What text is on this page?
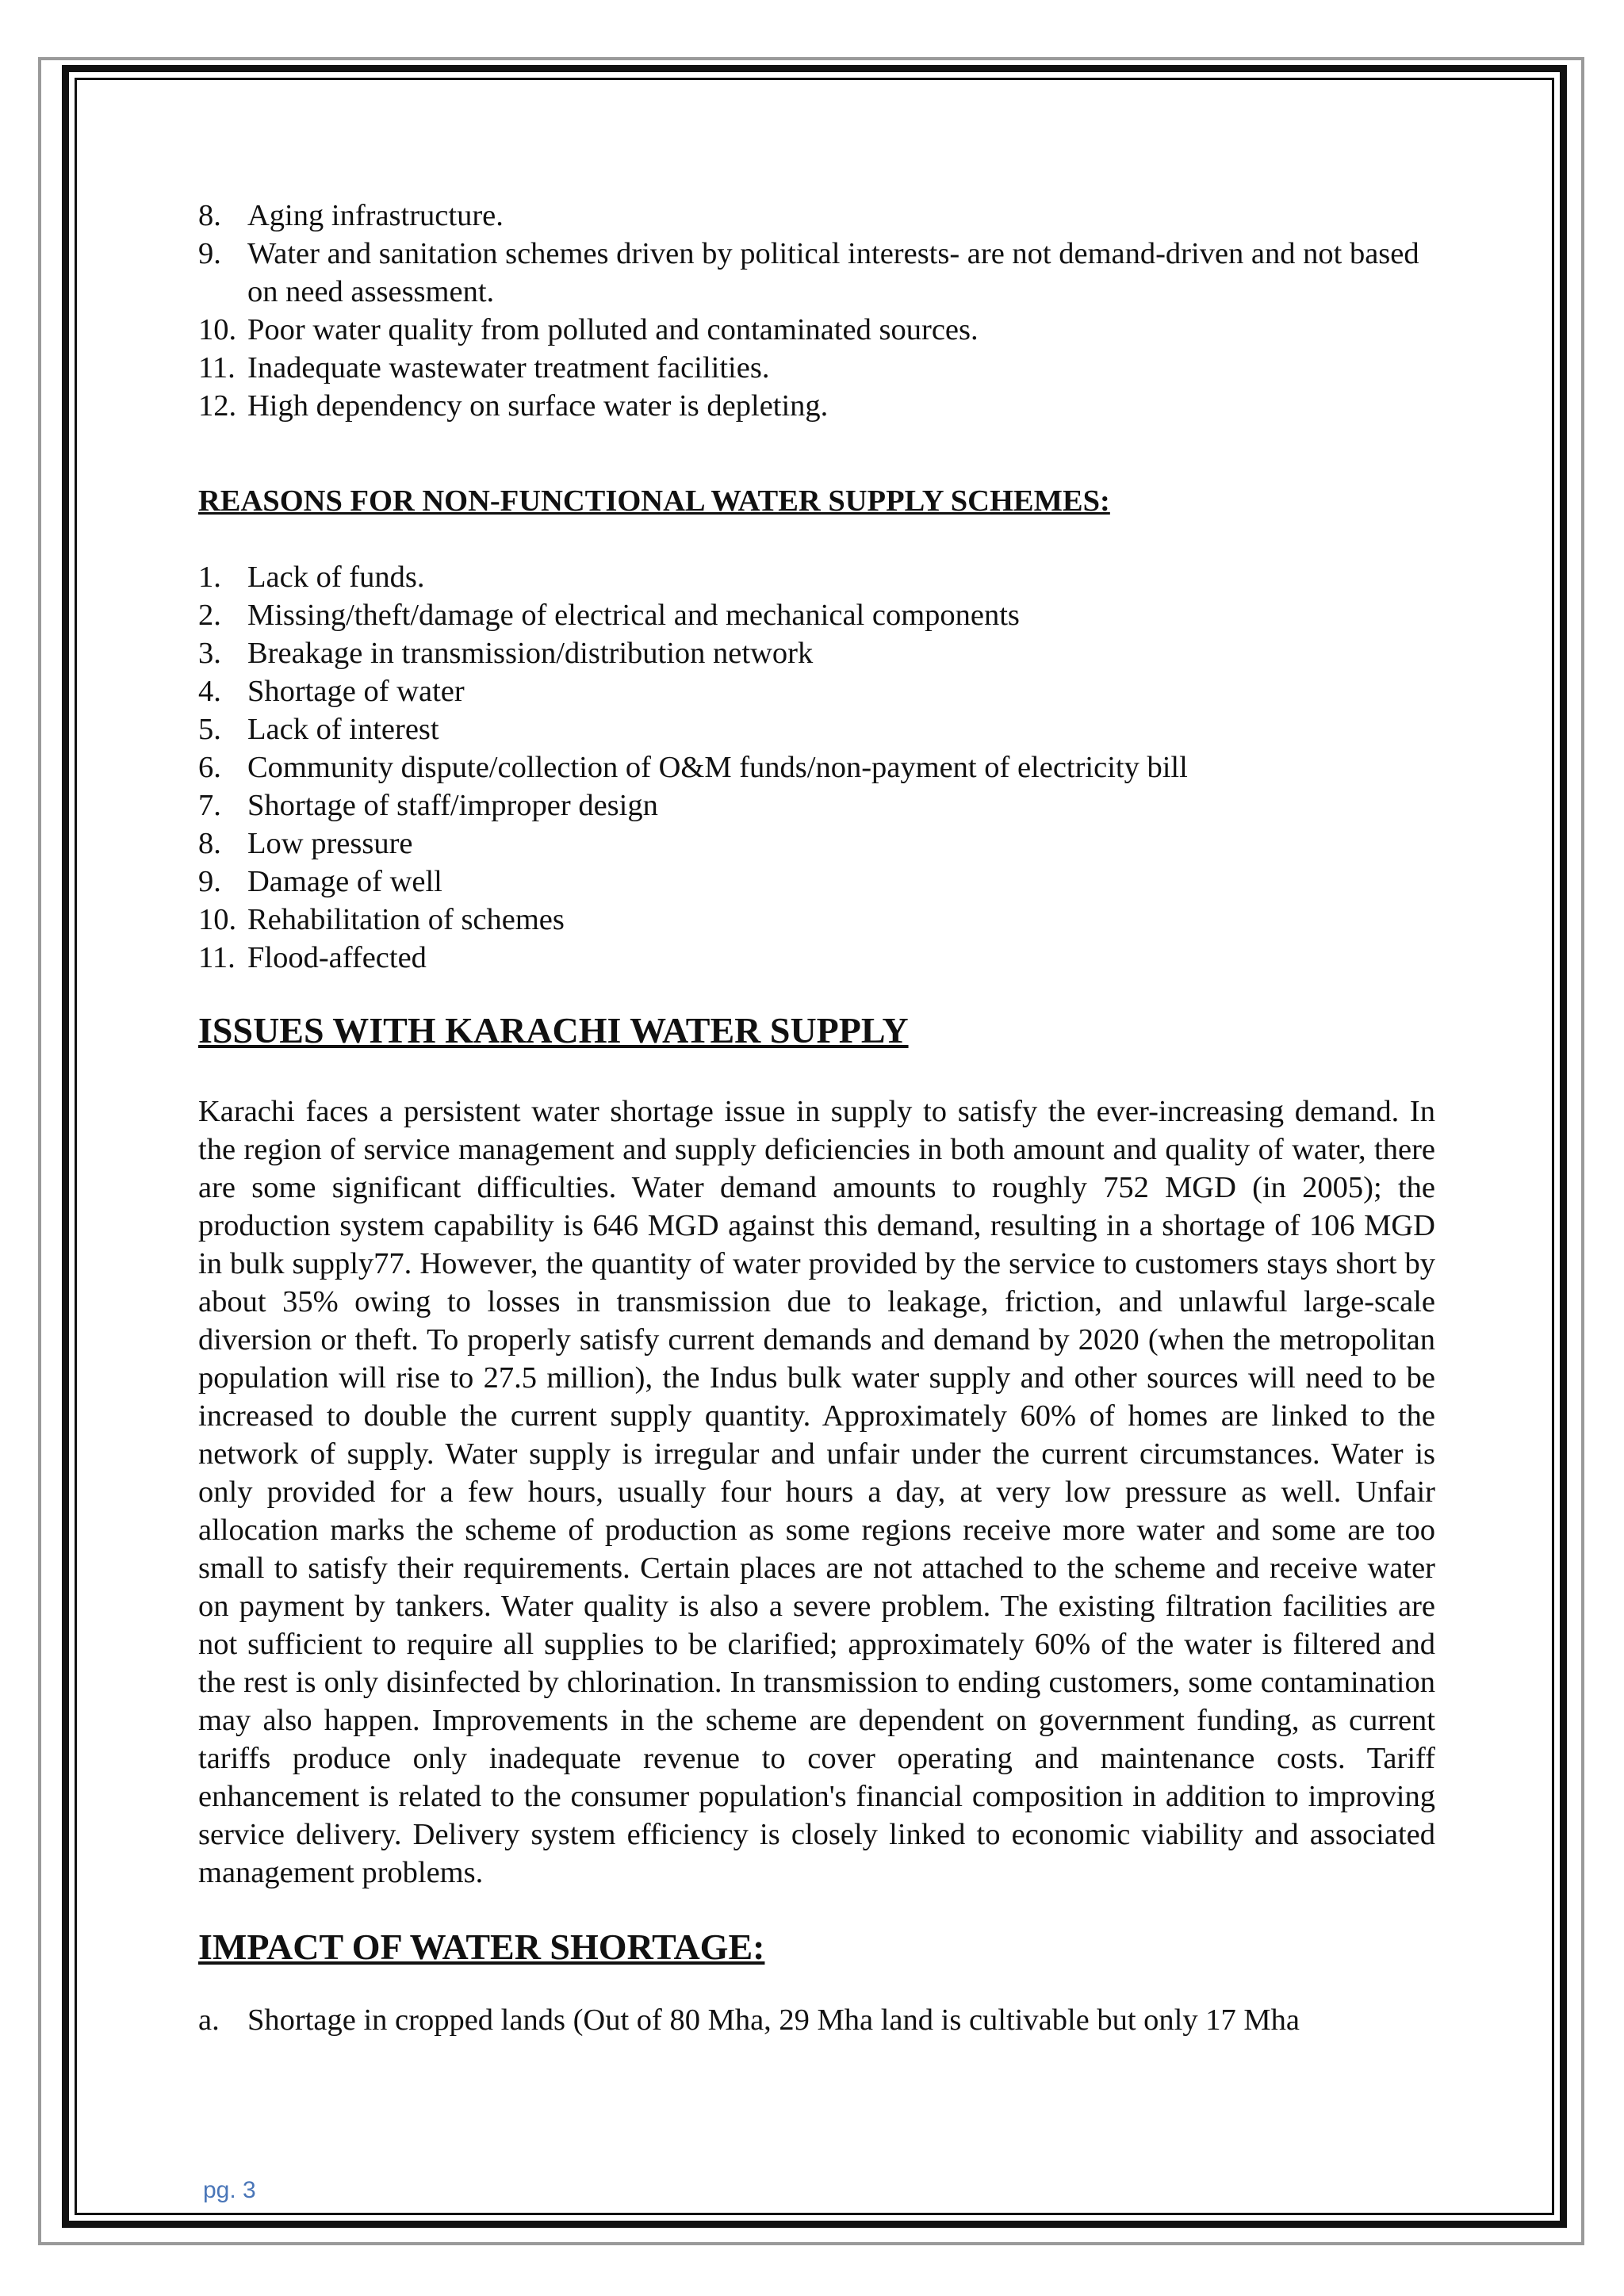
8. Aging infrastructure.
9. Water and sanitation schemes driven by political interests- are not demand-driven and not based on need assessment.
10. Poor water quality from polluted and contaminated sources.
11. Inadequate wastewater treatment facilities.
12. High dependency on surface water is depleting.

REASONS FOR NON-FUNCTIONAL WATER SUPPLY SCHEMES:

1. Lack of funds.
2. Missing/theft/damage of electrical and mechanical components
3. Breakage in transmission/distribution network
4. Shortage of water
5. Lack of interest
6. Community dispute/collection of O&M funds/non-payment of electricity bill
7. Shortage of staff/improper design
8. Low pressure
9. Damage of well
10. Rehabilitation of schemes
11. Flood-affected

ISSUES WITH KARACHI WATER SUPPLY

Karachi faces a persistent water shortage issue in supply to satisfy the ever-increasing demand. In the region of service management and supply deficiencies in both amount and quality of water, there are some significant difficulties. Water demand amounts to roughly 752 MGD (in 2005); the production system capability is 646 MGD against this demand, resulting in a shortage of 106 MGD in bulk supply77. However, the quantity of water provided by the service to customers stays short by about 35% owing to losses in transmission due to leakage, friction, and unlawful large-scale diversion or theft. To properly satisfy current demands and demand by 2020 (when the metropolitan population will rise to 27.5 million), the Indus bulk water supply and other sources will need to be increased to double the current supply quantity. Approximately 60% of homes are linked to the network of supply. Water supply is irregular and unfair under the current circumstances. Water is only provided for a few hours, usually four hours a day, at very low pressure as well. Unfair allocation marks the scheme of production as some regions receive more water and some are too small to satisfy their requirements. Certain places are not attached to the scheme and receive water on payment by tankers. Water quality is also a severe problem. The existing filtration facilities are not sufficient to require all supplies to be clarified; approximately 60% of the water is filtered and the rest is only disinfected by chlorination. In transmission to ending customers, some contamination may also happen. Improvements in the scheme are dependent on government funding, as current tariffs produce only inadequate revenue to cover operating and maintenance costs. Tariff enhancement is related to the consumer population's financial composition in addition to improving service delivery. Delivery system efficiency is closely linked to economic viability and associated management problems.

IMPACT OF WATER SHORTAGE:

a. Shortage in cropped lands (Out of 80 Mha, 29 Mha land is cultivable but only 17 Mha
pg. 3
